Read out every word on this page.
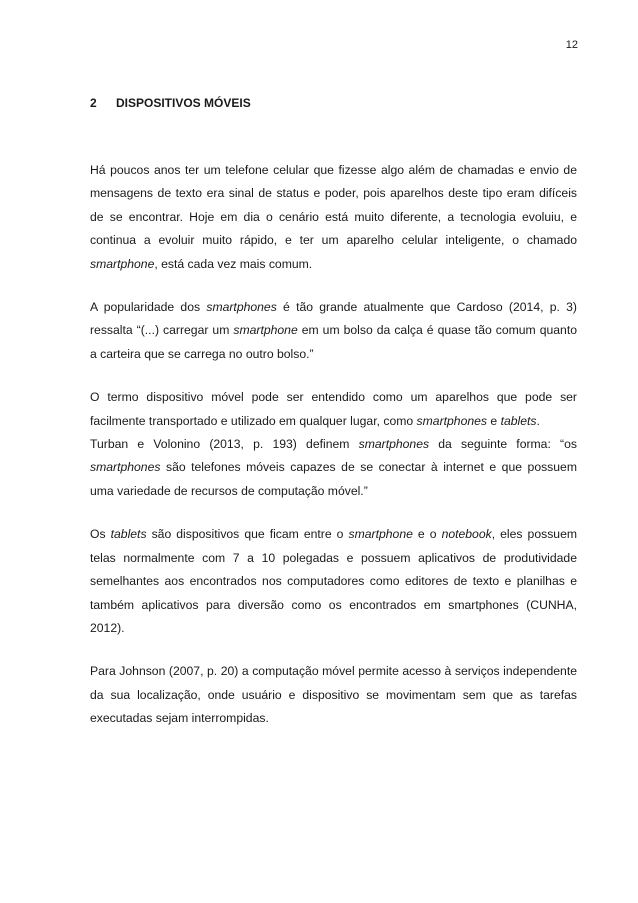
12
2	DISPOSITIVOS MÓVEIS

Há poucos anos ter um telefone celular que fizesse algo além de chamadas e envio de mensagens de texto era sinal de status e poder, pois aparelhos deste tipo eram difíceis de se encontrar. Hoje em dia o cenário está muito diferente, a tecnologia evoluiu, e continua a evoluir muito rápido, e ter um aparelho celular inteligente, o chamado smartphone, está cada vez mais comum.

A popularidade dos smartphones é tão grande atualmente que Cardoso (2014, p. 3) ressalta “(...) carregar um smartphone em um bolso da calça é quase tão comum quanto a carteira que se carrega no outro bolso.”

O termo dispositivo móvel pode ser entendido como um aparelhos que pode ser facilmente transportado e utilizado em qualquer lugar, como smartphones e tablets.

Turban e Volonino (2013, p. 193) definem smartphones da seguinte forma: “os smartphones são telefones móveis capazes de se conectar à internet e que possuem uma variedade de recursos de computação móvel.”

Os tablets são dispositivos que ficam entre o smartphone e o notebook, eles possuem telas normalmente com 7 a 10 polegadas e possuem aplicativos de produtividade semelhantes aos encontrados nos computadores como editores de texto e planilhas e também aplicativos para diversão como os encontrados em smartphones (CUNHA, 2012).

Para Johnson (2007, p. 20) a computação móvel permite acesso à serviços independente da sua localização, onde usuário e dispositivo se movimentam sem que as tarefas executadas sejam interrompidas.
